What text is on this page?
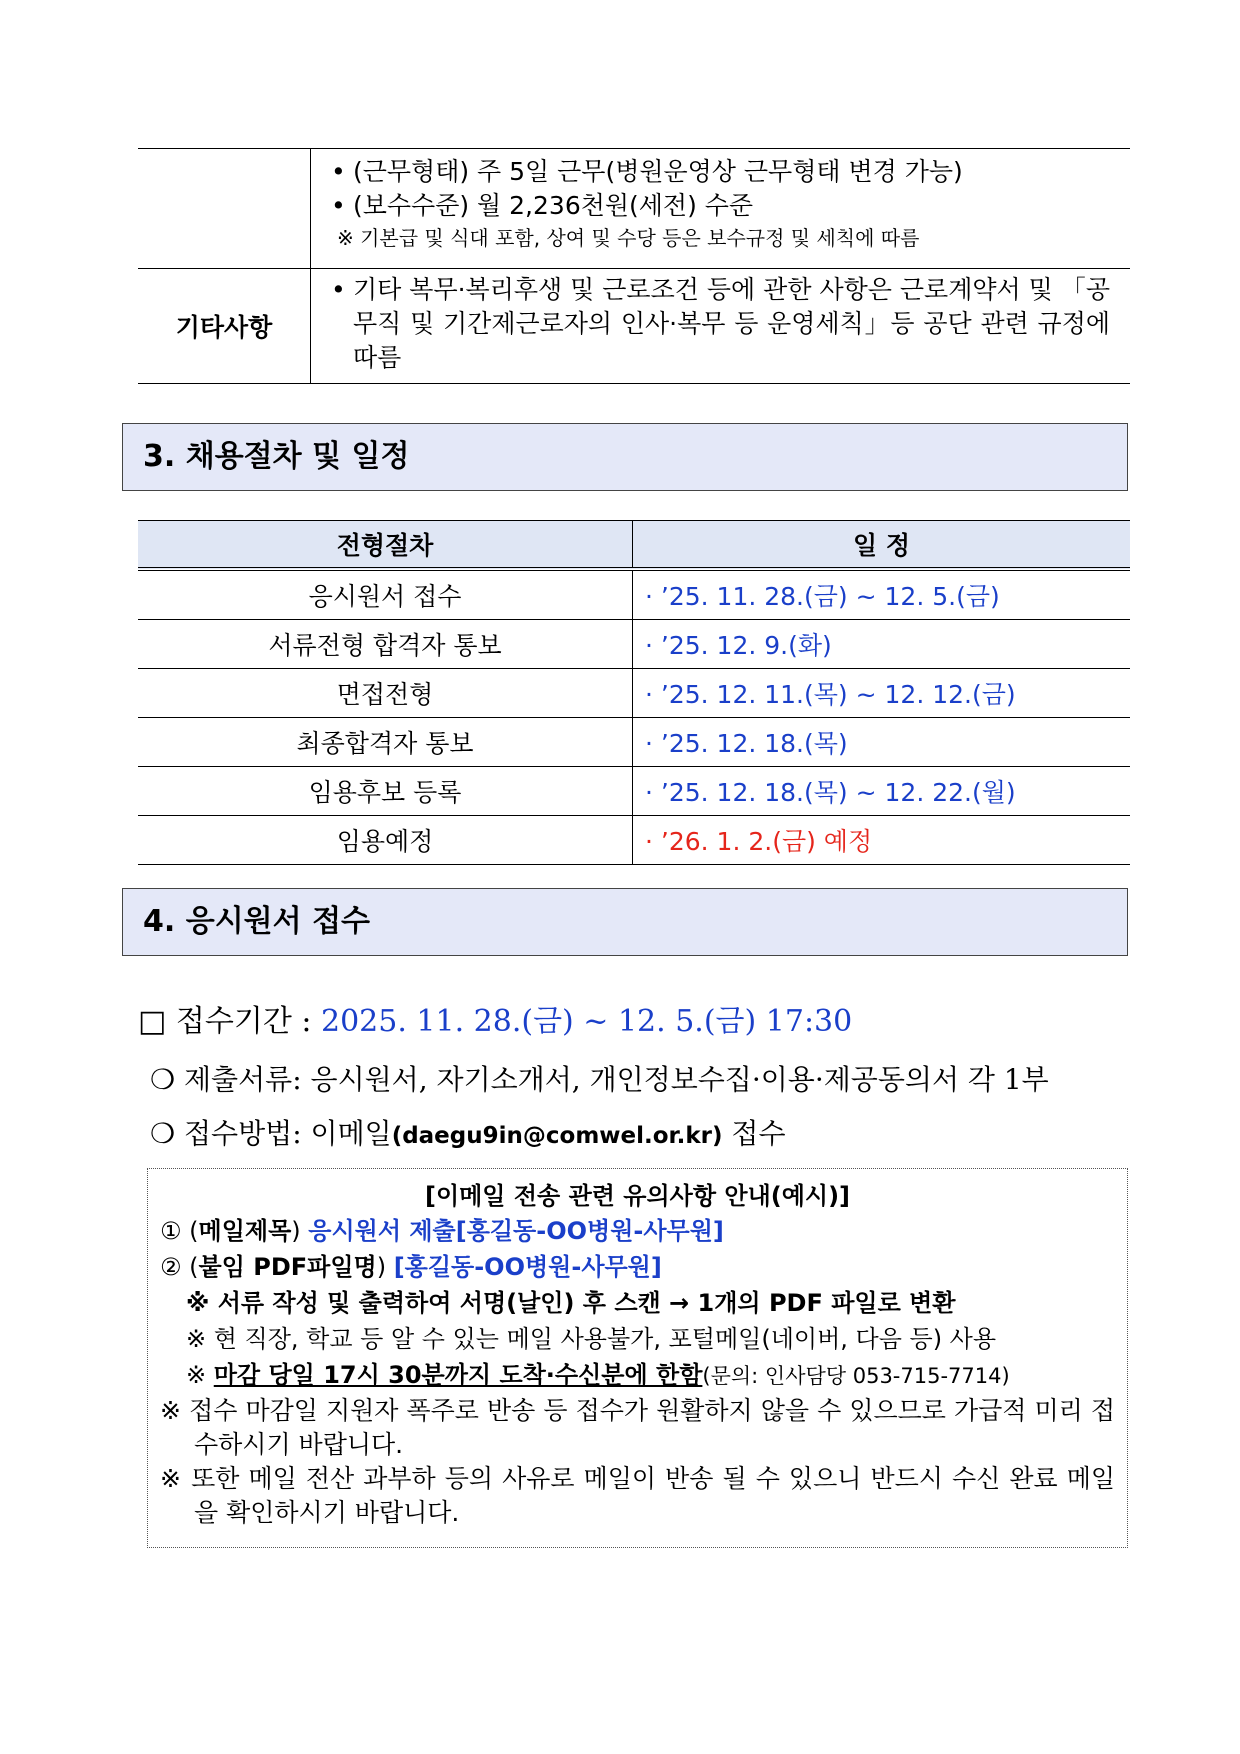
	• (근무형태) 주 5일 근무(병원운영상 근무형태 변경 가능)
• (보수수준) 월 2,236천원(세전) 수준
※ 기본급 및 식대 포함, 상여 및 수당 등은 보수규정 및 세칙에 따름

기타사항	• 기타 복무·복리후생 및 근로조건 등에 관한 사항은 근로계약서 및 「공무직 및 기간제근로자의 인사·복무 등 운영세칙」등 공단 관련 규정에 따름
3. 채용절차 및 일정
전형절차	일 정
응시원서 접수	· ’25. 11. 28.(금) ~ 12. 5.(금)
서류전형 합격자 통보	· ’25. 12. 9.(화)
면접전형	· ’25. 12. 11.(목) ~ 12. 12.(금)
최종합격자 통보	· ’25. 12. 18.(목)
임용후보 등록	· ’25. 12. 18.(목) ~ 12. 22.(월)
임용예정	· ’26. 1. 2.(금) 예정
4. 응시원서 접수
□ 접수기간 : 2025. 11. 28.(금) ~ 12. 5.(금) 17:30
❍ 제출서류: 응시원서, 자기소개서, 개인정보수집·이용·제공동의서 각 1부
❍ 접수방법: 이메일(daegu9in@comwel.or.kr) 접수
[이메일 전송 관련 유의사항 안내(예시)]
① (메일제목) 응시원서 제출[홍길동-OO병원-사무원]
② (붙임 PDF파일명) [홍길동-OO병원-사무원]
※ 서류 작성 및 출력하여 서명(날인) 후 스캔 → 1개의 PDF 파일로 변환
※ 현 직장, 학교 등 알 수 있는 메일 사용불가, 포털메일(네이버, 다음 등) 사용
※ 마감 당일 17시 30분까지 도착·수신분에 한함(문의: 인사담당 053-715-7714)
※ 접수 마감일 지원자 폭주로 반송 등 접수가 원활하지 않을 수 있으므로 가급적 미리 접수하시기 바랍니다.
※ 또한 메일 전산 과부하 등의 사유로 메일이 반송 될 수 있으니 반드시 수신 완료 메일을 확인하시기 바랍니다.
